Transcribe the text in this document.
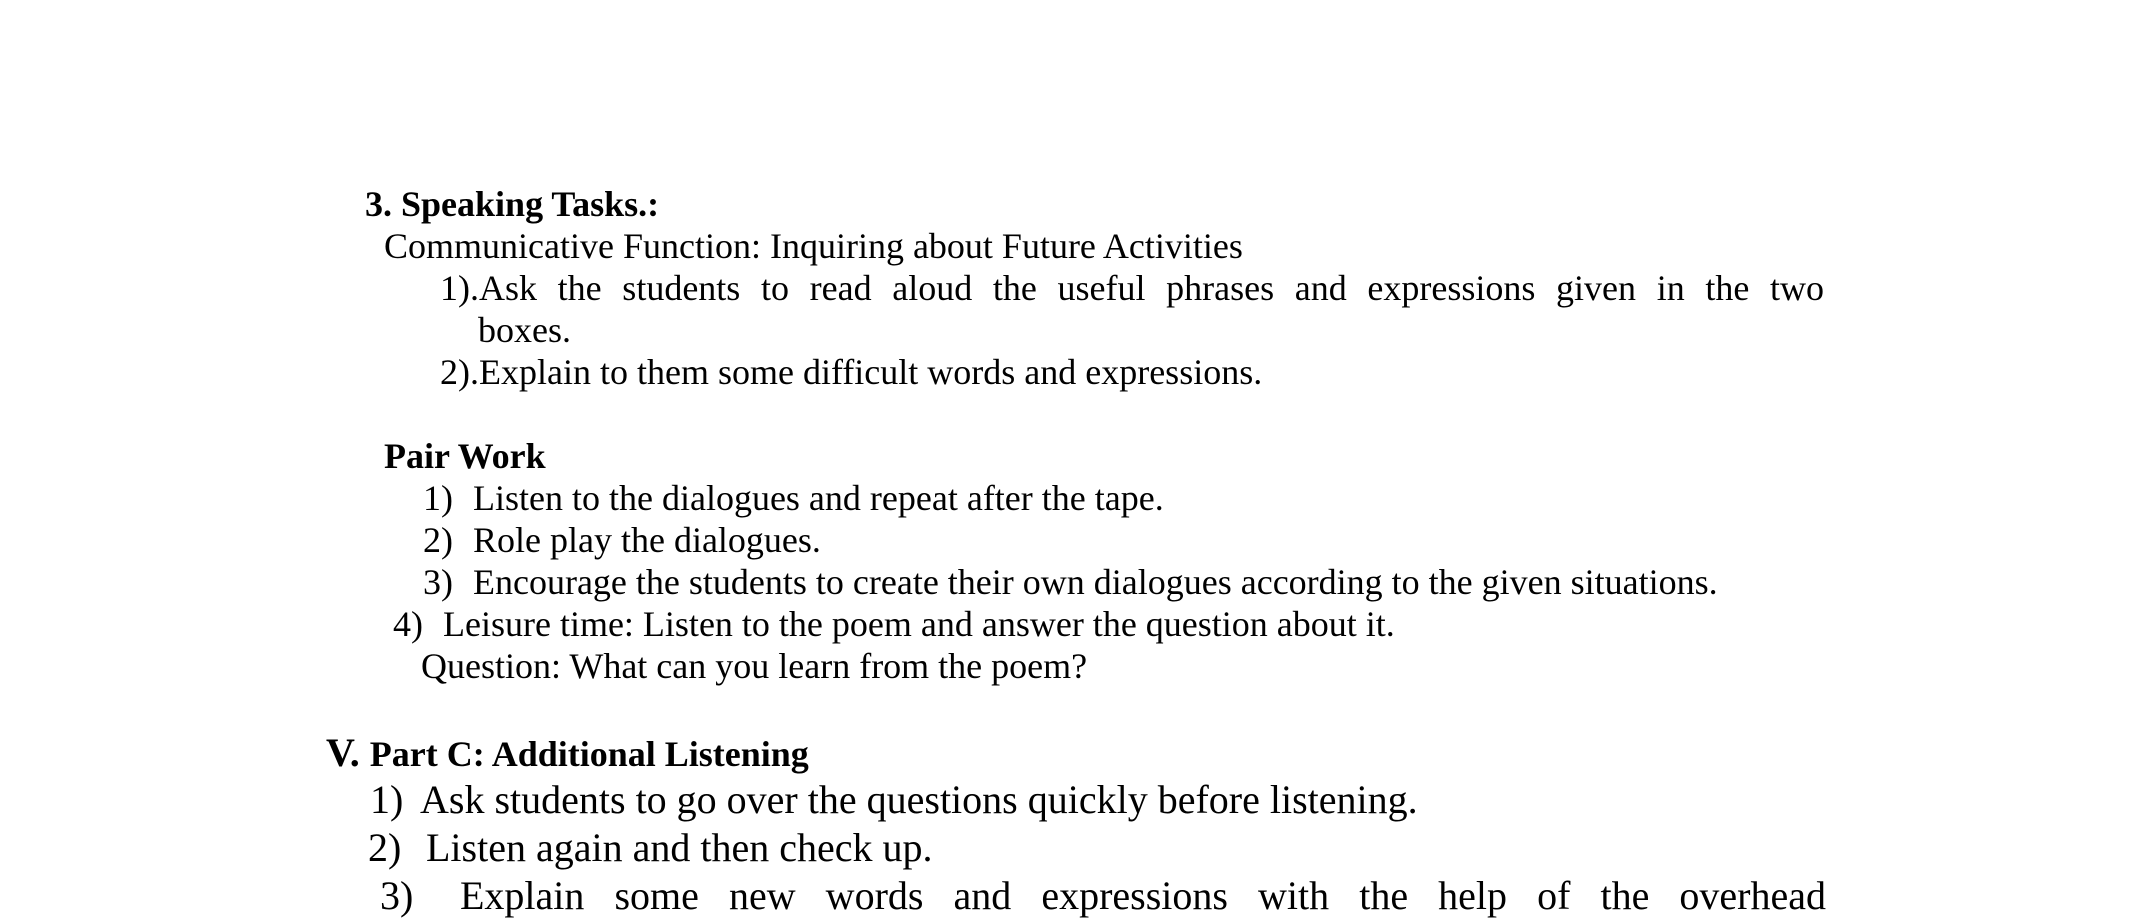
3. Speaking Tasks.:
Communicative Function: Inquiring about Future Activities
1).Ask the students to read aloud the useful phrases and expressions given in the two
boxes.
2).Explain to them some difficult words and expressions.
Pair Work
1) Listen to the dialogues and repeat after the tape.
2) Role play the dialogues.
3) Encourage the students to create their own dialogues according to the given situations.
4) Leisure time: Listen to the poem and answer the question about it.
Question: What can you learn from the poem?
V. Part C: Additional Listening
1) Ask students to go over the questions quickly before listening.
2) Listen again and then check up.
3) Explain some new words and expressions with the help of the overhead
